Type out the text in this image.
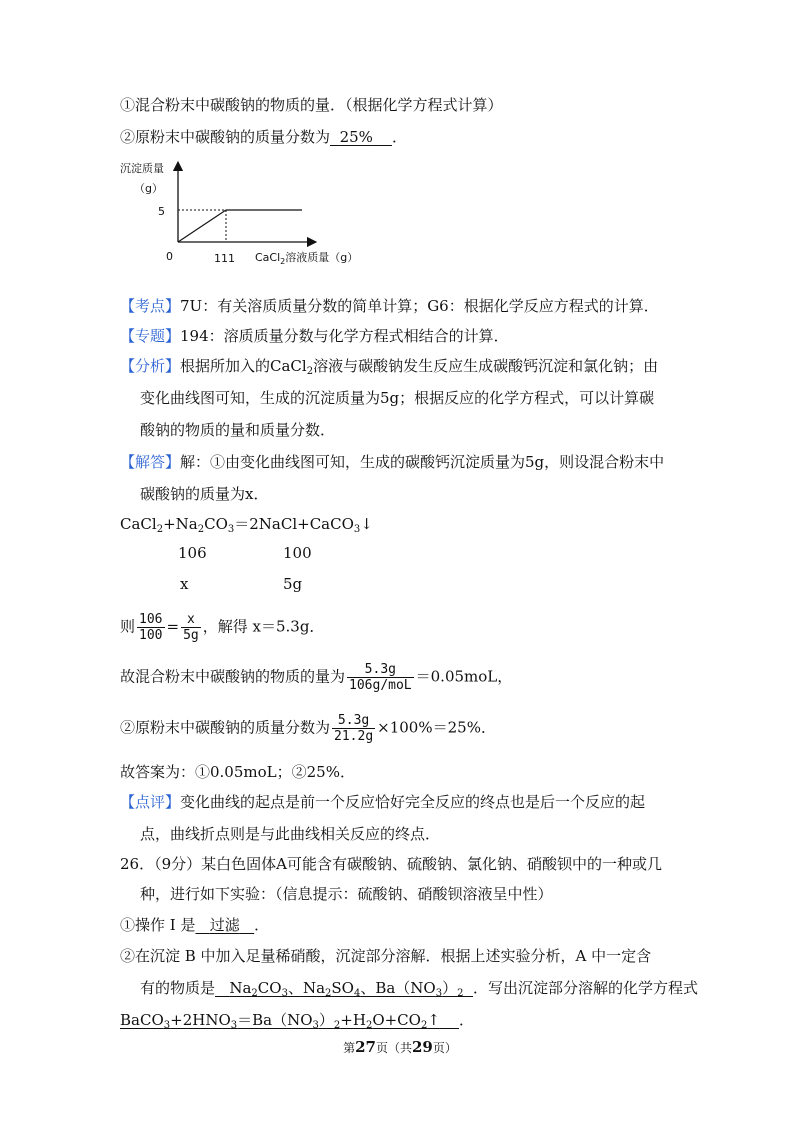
①混合粉末中碳酸钠的物质的量．（根据化学方程式计算）
②原粉末中碳酸钠的质量分数为 25% ．
沉淀质量
（g）
5
0	111 CaCl$_2$溶液质量（g）
【考点】7U：有关溶质质量分数的简单计算；G6：根据化学反应方程式的计算．
【专题】194：溶质质量分数与化学方程式相结合的计算．
【分析】根据所加入的CaCl$_2$溶液与碳酸钠发生反应生成碳酸钙沉淀和氯化钠；由
变化曲线图可知，生成的沉淀质量为5g；根据反应的化学方程式，可以计算碳
酸钠的物质的量和质量分数．
【解答】解：①由变化曲线图可知，生成的碳酸钙沉淀质量为5g，则设混合粉末中
碳酸钠的质量为x．
$CaCl_2+Na_2CO_3=2NaCl+CaCO_3↓$
106	100
x	5g
则 $\frac{106}{100} = \frac{x}{5g}$ ，解得 x＝5.3g．
故混合粉末中碳酸钠的物质的量为 $\frac{5.3g}{\text{106g/moL}} =0.05moL$，
②原粉末中碳酸钠的质量分数为 $\frac{5.3g}{21.2g} \times 100\%=25\%$．
故答案为：①0.05moL；②25%．
【点评】变化曲线的起点是前一个反应恰好完全反应的终点也是后一个反应的起
点，曲线折点则是与此曲线相关反应的终点．
26．（9分）某白色固体A可能含有碳酸钠、硫酸钠、氯化钠、硝酸钡中的一种或几
种，进行如下实验：（信息提示：硫酸钠、硝酸钡溶液呈中性）
①操作 I 是 过滤 ．
②在沉淀 B 中加入足量稀硝酸，沉淀部分溶解．根据上述实验分析，A 中一定含
有的物质是 $Na_2CO_3$、$Na_2SO_4$、$Ba(NO_3)_2$ ．写出沉淀部分溶解的化学方程式
$BaCO_3+2HNO_3=Ba(NO_3)_2+H_2O+CO_2↑$ ．
第27页（共29页）
